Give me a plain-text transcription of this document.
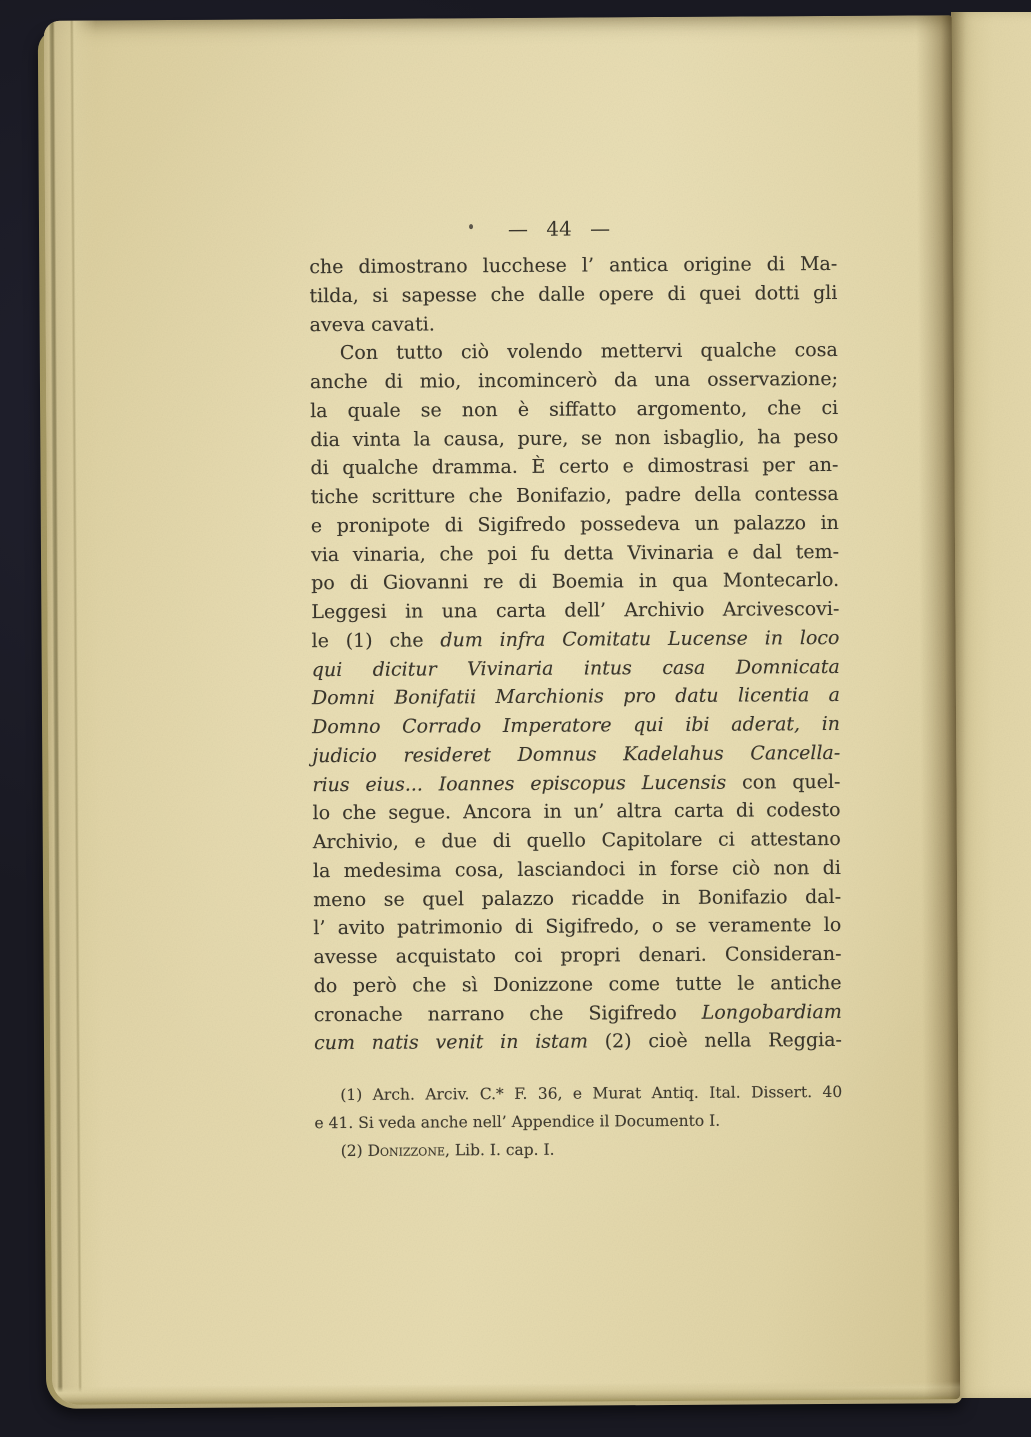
— 44 —
che dimostrano lucchese l’ antica origine di Ma-
tilda, si sapesse che dalle opere di quei dotti gli
aveva cavati.
Con tutto ciò volendo mettervi qualche cosa
anche di mio, incomincerò da una osservazione;
la quale se non è siffatto argomento, che ci
dia vinta la causa, pure, se non isbaglio, ha peso
di qualche dramma. È certo e dimostrasi per an-
tiche scritture che Bonifazio, padre della contessa
e pronipote di Sigifredo possedeva un palazzo in
via vinaria, che poi fu detta Vivinaria e dal tem-
po di Giovanni re di Boemia in qua Montecarlo.
Leggesi in una carta dell’ Archivio Arcivescovi-
le (1) che dum infra Comitatu Lucense in loco
qui dicitur Vivinaria intus casa Domnicata
Domni Bonifatii Marchionis pro datu licentia a
Domno Corrado Imperatore qui ibi aderat, in
judicio resideret Domnus Kadelahus Cancella-
rius eius... Ioannes episcopus Lucensis con quel-
lo che segue. Ancora in un’ altra carta di codesto
Archivio, e due di quello Capitolare ci attestano
la medesima cosa, lasciandoci in forse ciò non di
meno se quel palazzo ricadde in Bonifazio dal-
l’ avito patrimonio di Sigifredo, o se veramente lo
avesse acquistato coi propri denari. Consideran-
do però che sì Donizzone come tutte le antiche
cronache narrano che Sigifredo Longobardiam
cum natis venit in istam (2) cioè nella Reggia-
(1) Arch. Arciv. C.* F. 36, e Murat Antiq. Ital. Dissert. 40
e 41. Si veda anche nell’ Appendice il Documento I.
(2) Donizzone, Lib. I. cap. I.
